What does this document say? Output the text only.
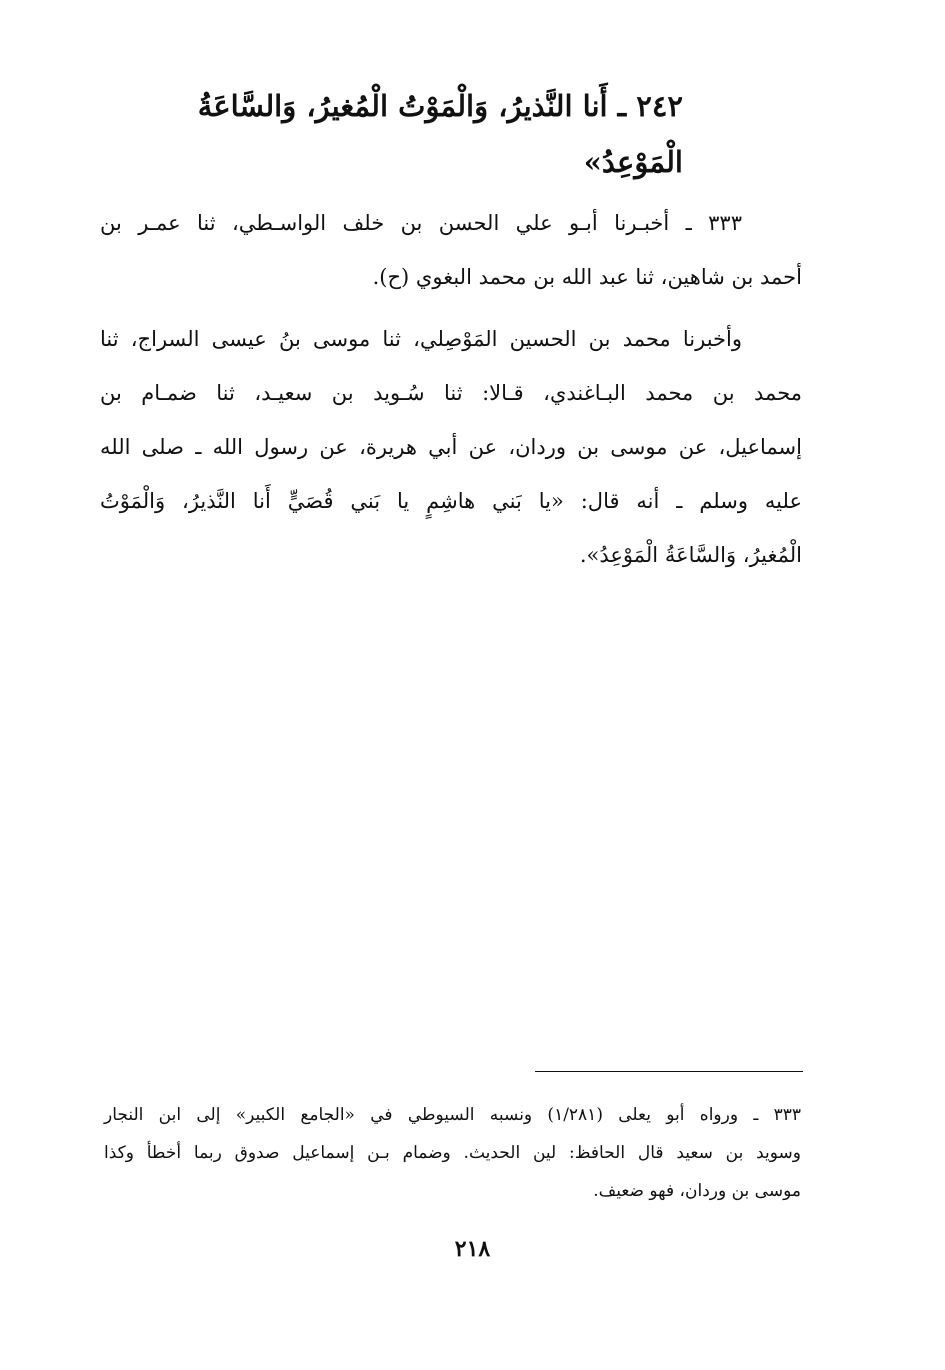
٢٤٢ ـ أَنا النَّذيرُ، وَالْمَوْتُ الْمُغيرُ، وَالسَّاعَةُ
الْمَوْعِدُ»
٣٣٣ ـ أخبـرنا أبـو علي الحسن بن خلف الواسـطي، ثنا عمـر بن
أحمد بن شاهين، ثنا عبد الله بن محمد البغوي (ح).
وأخبرنا محمد بن الحسين المَوْصِلي، ثنا موسى بنُ عيسى السراج، ثنا
محمد بن محمد البـاغندي، قـالا: ثنا سُـويد بن سعيـد، ثنا ضمـام بن
إسماعيل، عن موسى بن وردان، عن أبي هريرة، عن رسول الله ـ صلى الله
عليه وسلم ـ أنه قال: «يا بَني هاشِمٍ يا بَني قُصَيٍّ أَنا النَّذيرُ، وَالْمَوْتُ
الْمُغيرُ، وَالسَّاعَةُ الْمَوْعِدُ».
٣٣٣ ـ ورواه أبو يعلى (١/٢٨١) ونسبه السيوطي في «الجامع الكبير» إلى ابن النجار
وسويد بن سعيد قال الحافظ: لين الحديث. وضمام بـن إسماعيل صدوق ربما أخطأ وكذا
موسى بن وردان، فهو ضعيف.
٢١٨
